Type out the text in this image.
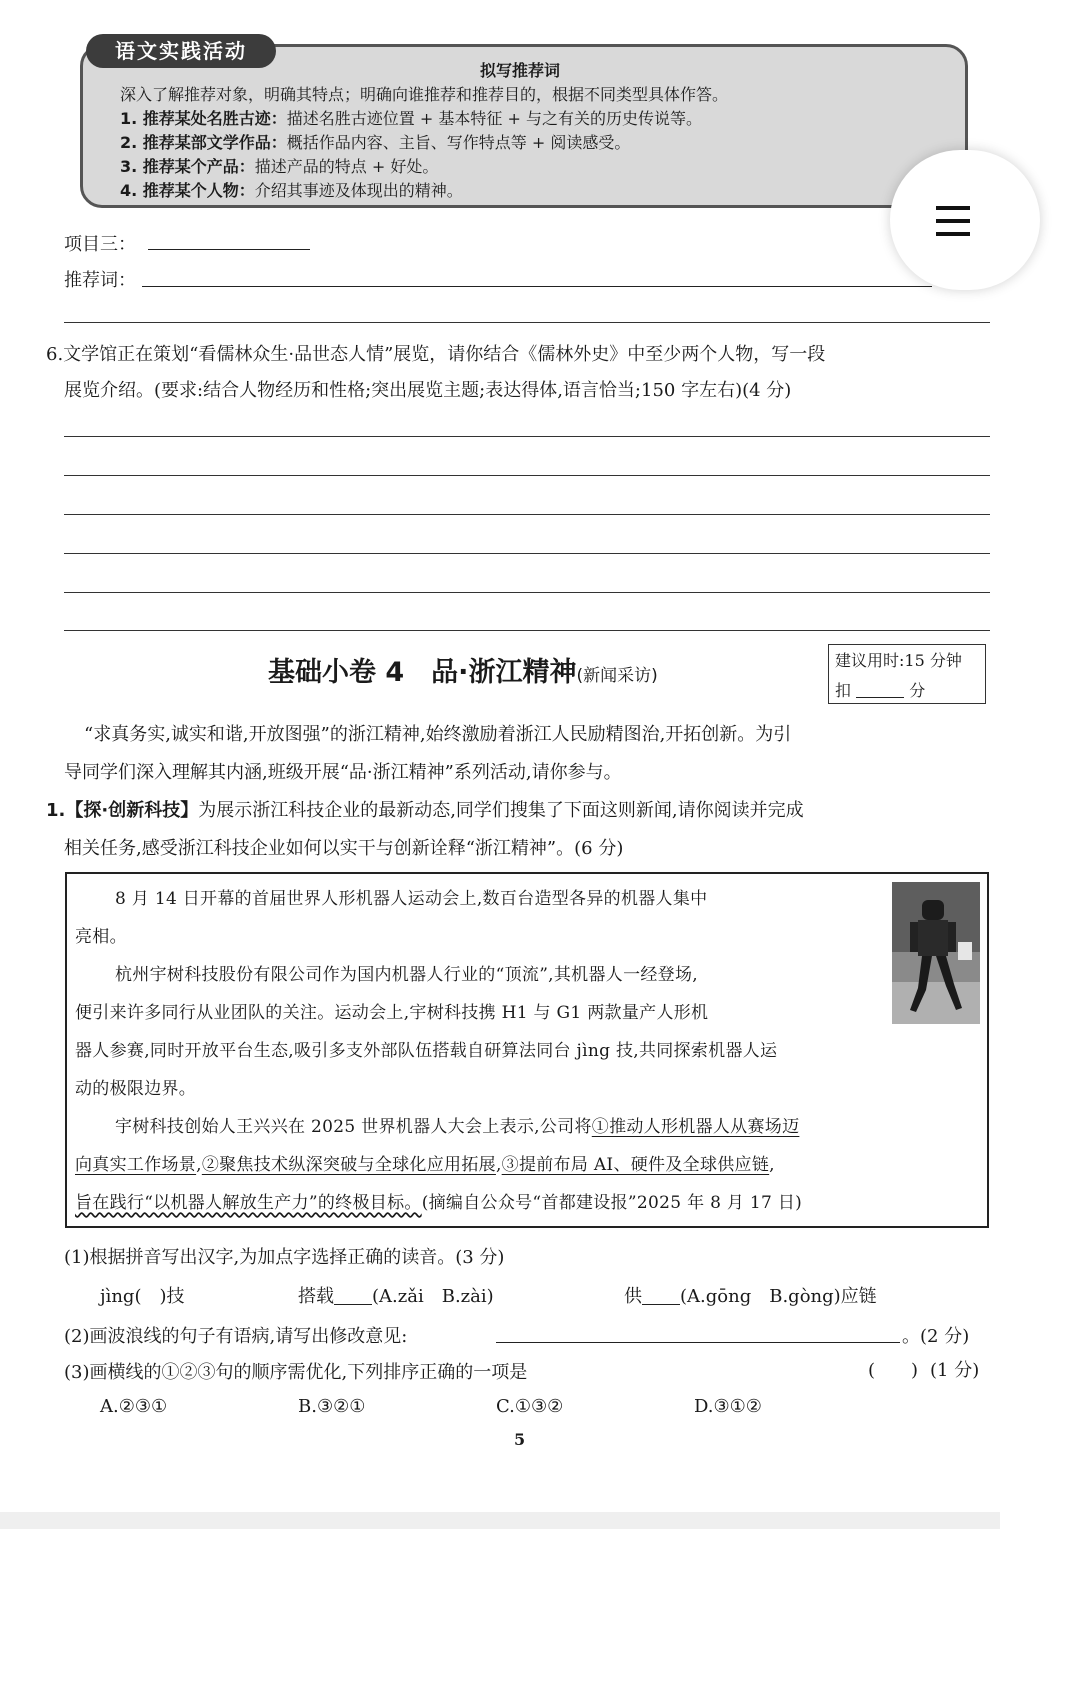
语文实践活动
拟写推荐词
深入了解推荐对象，明确其特点；明确向谁推荐和推荐目的，根据不同类型具体作答。
1. 推荐某处名胜古迹：描述名胜古迹位置 + 基本特征 + 与之有关的历史传说等。
2. 推荐某部文学作品：概括作品内容、主旨、写作特点等 + 阅读感受。
3. 推荐某个产品：描述产品的特点 + 好处。
4. 推荐某个人物：介绍其事迹及体现出的精神。
项目三：
推荐词：
6.文学馆正在策划“看儒林众生·品世态人情”展览，请你结合《儒林外史》中至少两个人物，写一段
展览介绍。(要求:结合人物经历和性格;突出展览主题;表达得体,语言恰当;150 字左右)(4 分)
基础小卷 4　品·浙江精神(新闻采访)
建议用时:15 分钟
扣	分
“求真务实,诚实和谐,开放图强”的浙江精神,始终激励着浙江人民励精图治,开拓创新。为引
导同学们深入理解其内涵,班级开展“品·浙江精神”系列活动,请你参与。
1.【探·创新科技】为展示浙江科技企业的最新动态,同学们搜集了下面这则新闻,请你阅读并完成
相关任务,感受浙江科技企业如何以实干与创新诠释“浙江精神”。(6 分)
8 月 14 日开幕的首届世界人形机器人运动会上,数百台造型各异的机器人集中
亮相。
杭州宇树科技股份有限公司作为国内机器人行业的“顶流”,其机器人一经登场,
便引来许多同行从业团队的关注。运动会上,宇树科技携 H1 与 G1 两款量产人形机
器人参赛,同时开放平台生态,吸引多支外部队伍搭载自研算法同台 jìng 技,共同探索机器人运
动的极限边界。
宇树科技创始人王兴兴在 2025 世界机器人大会上表示,公司将①推动人形机器人从赛场迈
向真实工作场景,②聚焦技术纵深突破与全球化应用拓展,③提前布局 AI、硬件及全球供应链,
旨在践行“以机器人解放生产力”的终极目标。(摘编自公众号“首都建设报”2025 年 8 月 17 日)
(1)根据拼音写出汉字,为加点字选择正确的读音。(3 分)
jìng(　)技	搭载 (A.zǎi　B.zài)	供 (A.gōng　B.gòng)应链
(2)画波浪线的句子有语病,请写出修改意见:	。(2 分)
(3)画横线的①②③句的顺序需优化,下列排序正确的一项是	(　　) (1 分)
A.②③①	B.③②①	C.①③②	D.③①②
5
